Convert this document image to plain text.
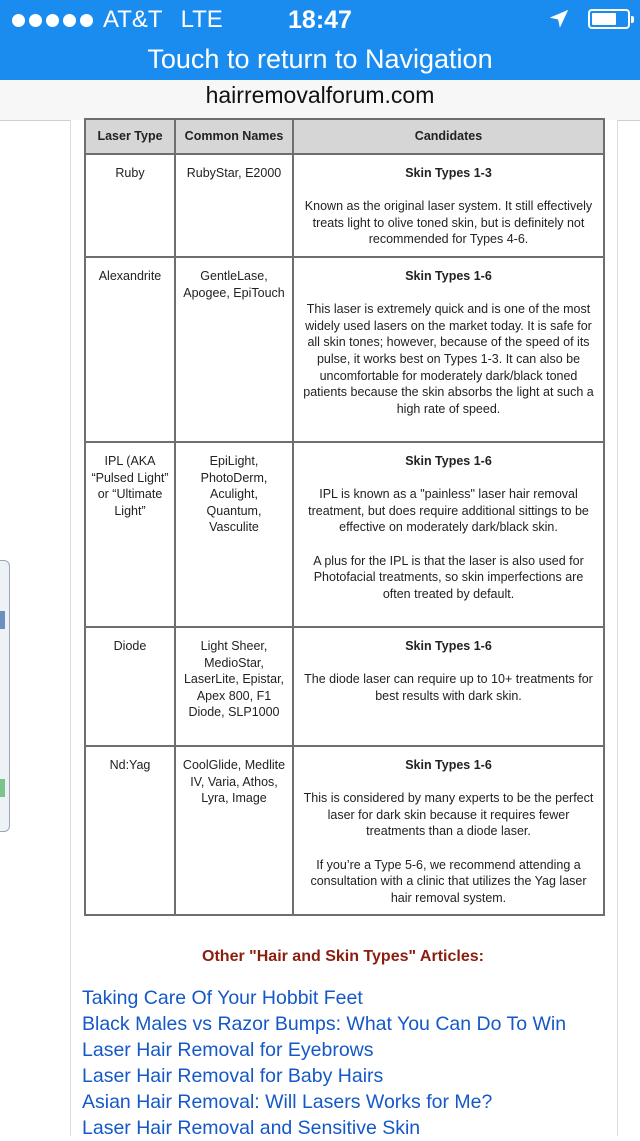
AT&T LTE	18:47
Touch to return to Navigation
hairremovalforum.com
Laser Type	Common Names	Candidates
Ruby	RubyStar, E2000	Skin Types 1-3

Known as the original laser system. It still effectively treats light to olive toned skin, but is definitely not recommended for Types 4-6.

Alexandrite	GentleLase, Apogee, EpiTouch	Skin Types 1-6

This laser is extremely quick and is one of the most widely used lasers on the market today. It is safe for all skin tones; however, because of the speed of its pulse, it works best on Types 1-3. It can also be uncomfortable for moderately dark/black toned patients because the skin absorbs the light at such a high rate of speed.

IPL (AKA “Pulsed Light” or “Ultimate Light”	EpiLight, PhotoDerm, Aculight, Quantum, Vasculite	Skin Types 1-6

IPL is known as a "painless" laser hair removal treatment, but does require additional sittings to be effective on moderately dark/black skin.

A plus for the IPL is that the laser is also used for Photofacial treatments, so skin imperfections are often treated by default.

Diode	Light Sheer, MedioStar, LaserLite, Epistar, Apex 800, F1 Diode, SLP1000	Skin Types 1-6

The diode laser can require up to 10+ treatments for best results with dark skin.

Nd:Yag	CoolGlide, Medlite IV, Varia, Athos, Lyra, Image	Skin Types 1-6

This is considered by many experts to be the perfect laser for dark skin because it requires fewer treatments than a diode laser.

If you’re a Type 5-6, we recommend attending a consultation with a clinic that utilizes the Yag laser hair removal system.

Other "Hair and Skin Types" Articles:
Taking Care Of Your Hobbit Feet
Black Males vs Razor Bumps: What You Can Do To Win
Laser Hair Removal for Eyebrows
Laser Hair Removal for Baby Hairs
Asian Hair Removal: Will Lasers Works for Me?
Laser Hair Removal and Sensitive Skin
